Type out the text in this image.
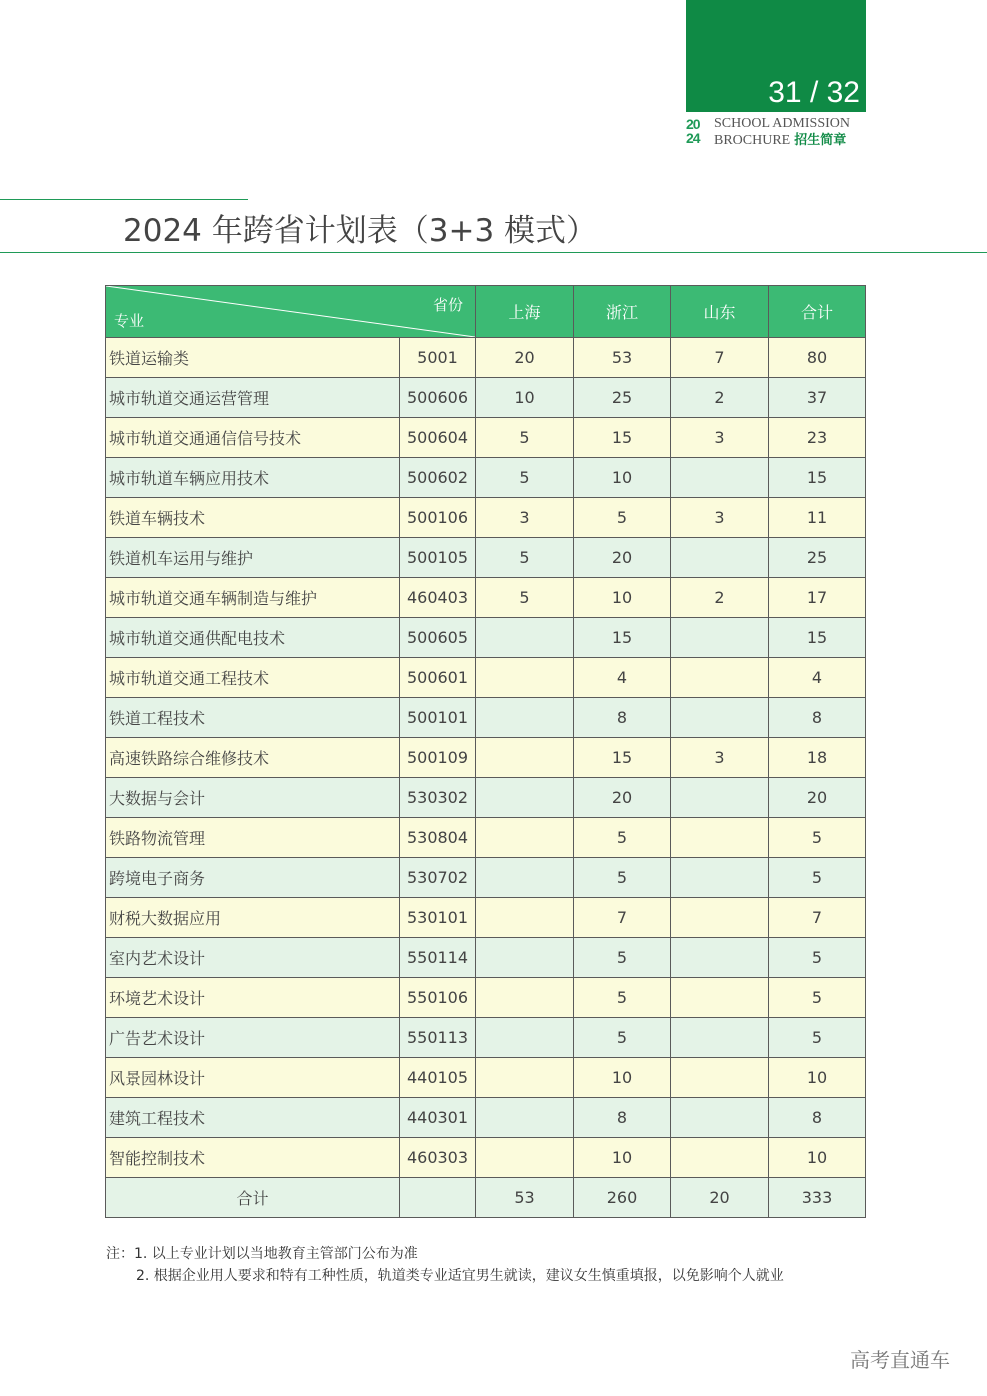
31 / 32
20
24
SCHOOL ADMISSION
BROCHURE 招生简章
2024 年跨省计划表（3+3 模式）
省份
专业		上海	浙江	山东	合计
铁道运输类	5001	20	53	7	80
城市轨道交通运营管理	500606	10	25	2	37
城市轨道交通通信信号技术	500604	5	15	3	23
城市轨道车辆应用技术	500602	5	10		15
铁道车辆技术	500106	3	5	3	11
铁道机车运用与维护	500105	5	20		25
城市轨道交通车辆制造与维护	460403	5	10	2	17
城市轨道交通供配电技术	500605		15		15
城市轨道交通工程技术	500601		4		4
铁道工程技术	500101		8		8
高速铁路综合维修技术	500109		15	3	18
大数据与会计	530302		20		20
铁路物流管理	530804		5		5
跨境电子商务	530702		5		5
财税大数据应用	530101		7		7
室内艺术设计	550114		5		5
环境艺术设计	550106		5		5
广告艺术设计	550113		5		5
风景园林设计	440105		10		10
建筑工程技术	440301		8		8
智能控制技术	460303		10		10
合计		53	260	20	333
注：1. 以上专业计划以当地教育主管部门公布为准
2. 根据企业用人要求和特有工种性质，轨道类专业适宜男生就读，建议女生慎重填报，以免影响个人就业
高考直通车
